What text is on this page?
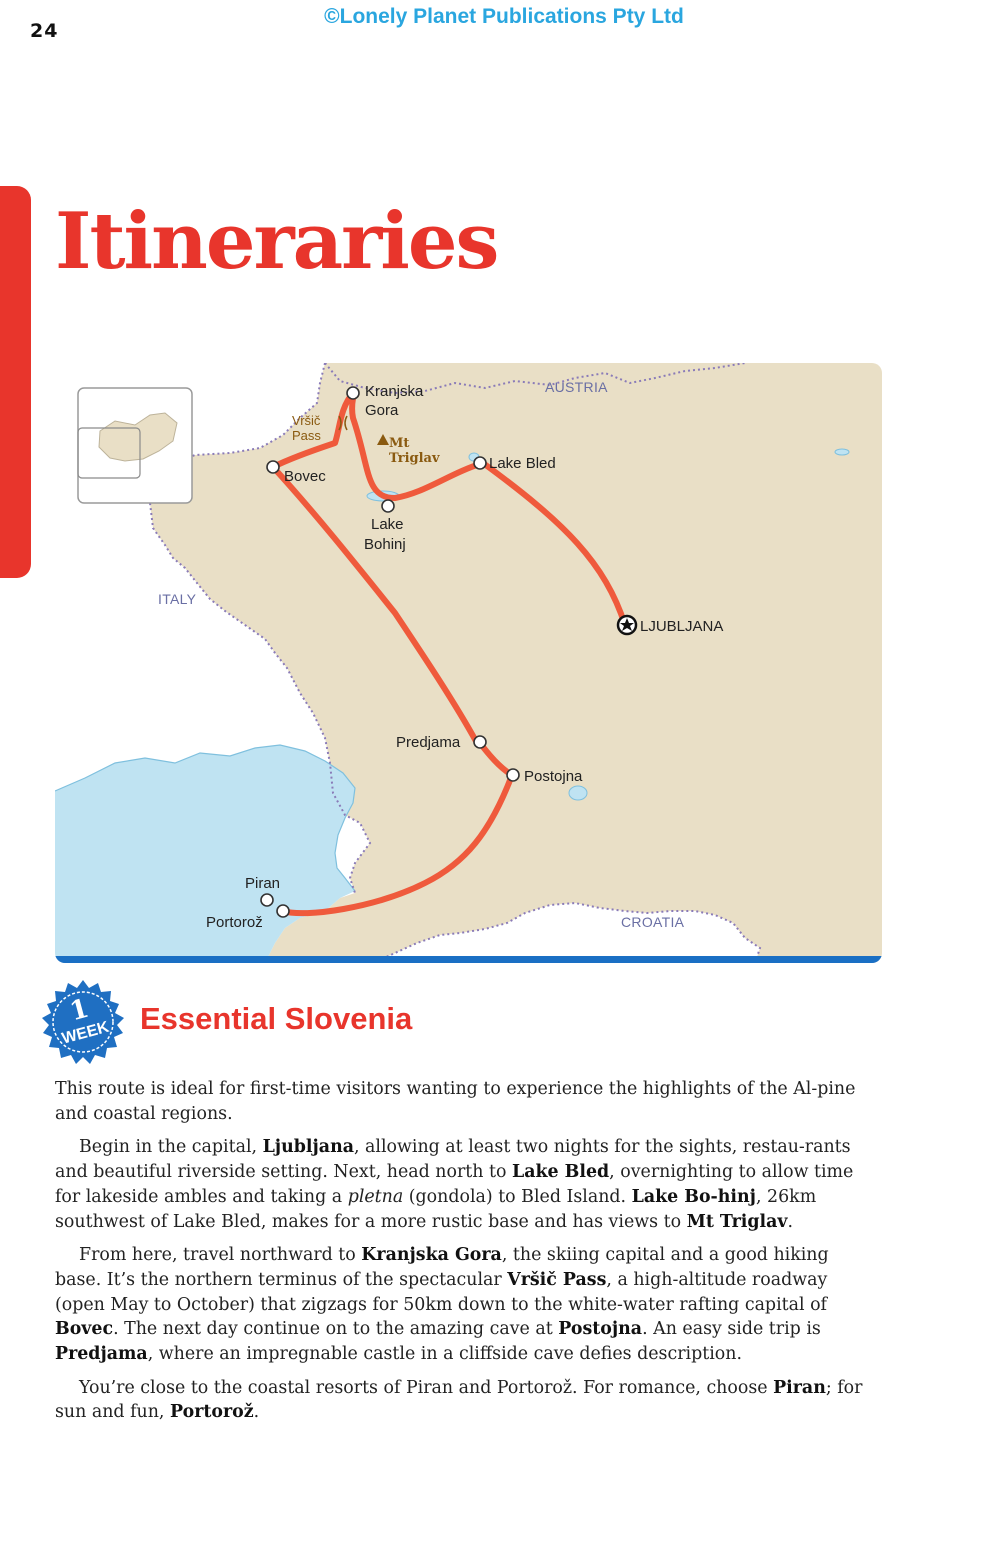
24
©Lonely Planet Publications Pty Ltd
Itineraries
AUSTRIA
ITALY
CROATIA
Kranjska
Gora
Vršič
Pass
Mt
Triglav
Bovec
Lake Bled
Lake
Bohinj
LJUBLJANA
Predjama
Postojna
Piran
Portorož
1
WEEK Essential Slovenia

This route is ideal for first-time visitors wanting to experience the highlights of the Al-pine and coastal regions.

Begin in the capital, Ljubljana, allowing at least two nights for the sights, restau-rants and beautiful riverside setting. Next, head north to Lake Bled, overnighting to allow time for lakeside ambles and taking a pletna (gondola) to Bled Island. Lake Bo-hinj, 26km southwest of Lake Bled, makes for a more rustic base and has views to Mt Triglav.

From here, travel northward to Kranjska Gora, the skiing capital and a good hiking base. It’s the northern terminus of the spectacular Vršič Pass, a high-altitude roadway (open May to October) that zigzags for 50km down to the white-water rafting capital of Bovec. The next day continue on to the amazing cave at Postojna. An easy side trip is Predjama, where an impregnable castle in a cliffside cave defies description.

You’re close to the coastal resorts of Piran and Portorož. For romance, choose Piran; for sun and fun, Portorož.
